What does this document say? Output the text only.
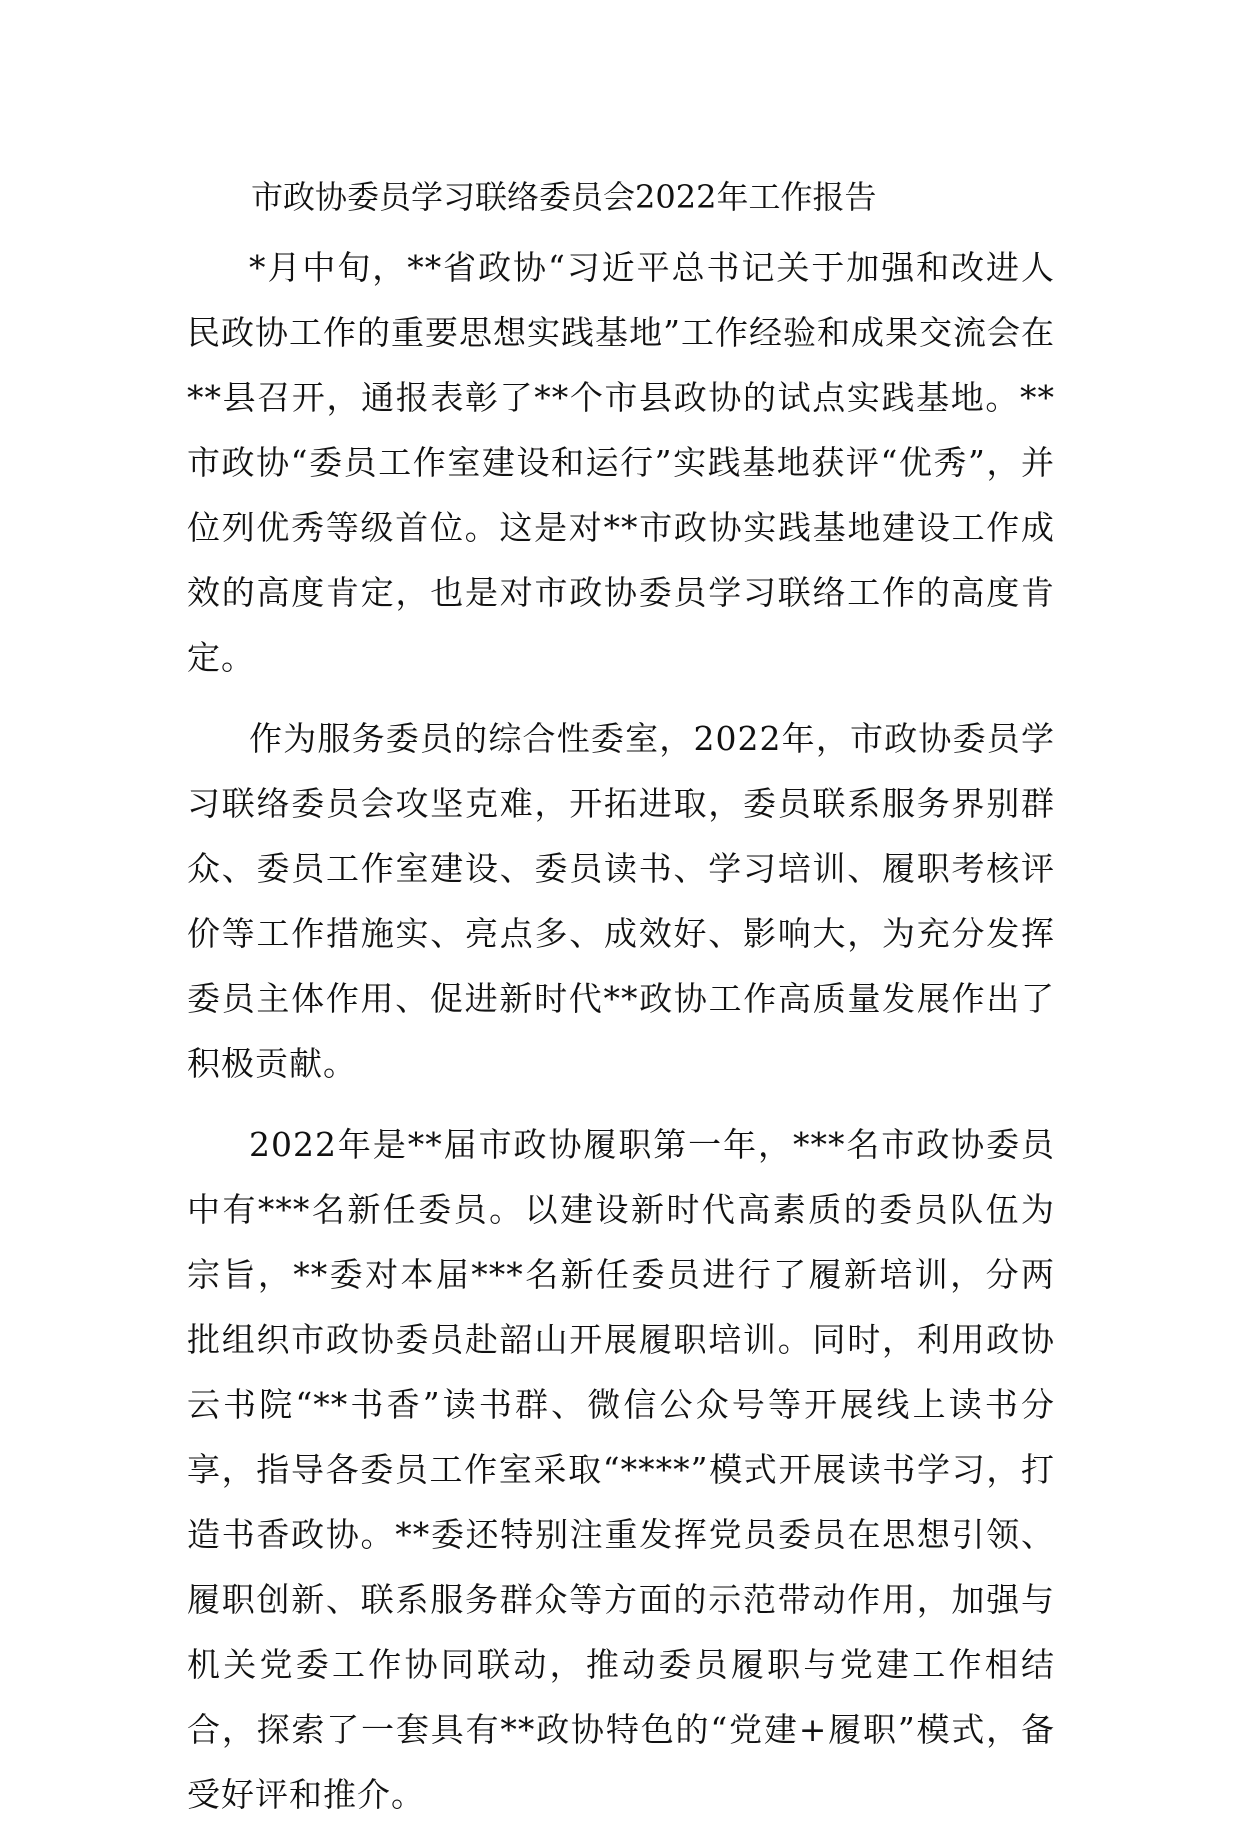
市政协委员学习联络委员会2022年工作报告

*月中旬，**省政协“习近平总书记关于加强和改进人民政协工作的重要思想实践基地”工作经验和成果交流会在**县召开，通报表彰了**个市县政协的试点实践基地。**市政协“委员工作室建设和运行”实践基地获评“优秀”，并位列优秀等级首位。这是对**市政协实践基地建设工作成效的高度肯定，也是对市政协委员学习联络工作的高度肯定。

作为服务委员的综合性委室，2022年，市政协委员学习联络委员会攻坚克难，开拓进取，委员联系服务界别群众、委员工作室建设、委员读书、学习培训、履职考核评价等工作措施实、亮点多、成效好、影响大，为充分发挥委员主体作用、促进新时代**政协工作高质量发展作出了积极贡献。

2022年是**届市政协履职第一年，***名市政协委员中有***名新任委员。以建设新时代高素质的委员队伍为宗旨，**委对本届***名新任委员进行了履新培训，分两批组织市政协委员赴韶山开展履职培训。同时，利用政协云书院“**书香”读书群、微信公众号等开展线上读书分享，指导各委员工作室采取“****”模式开展读书学习，打造书香政协。**委还特别注重发挥党员委员在思想引领、履职创新、联系服务群众等方面的示范带动作用，加强与机关党委工作协同联动，推动委员履职与党建工作相结合，探索了一套具有**政协特色的“党建+履职”模式，备受好评和推介。
